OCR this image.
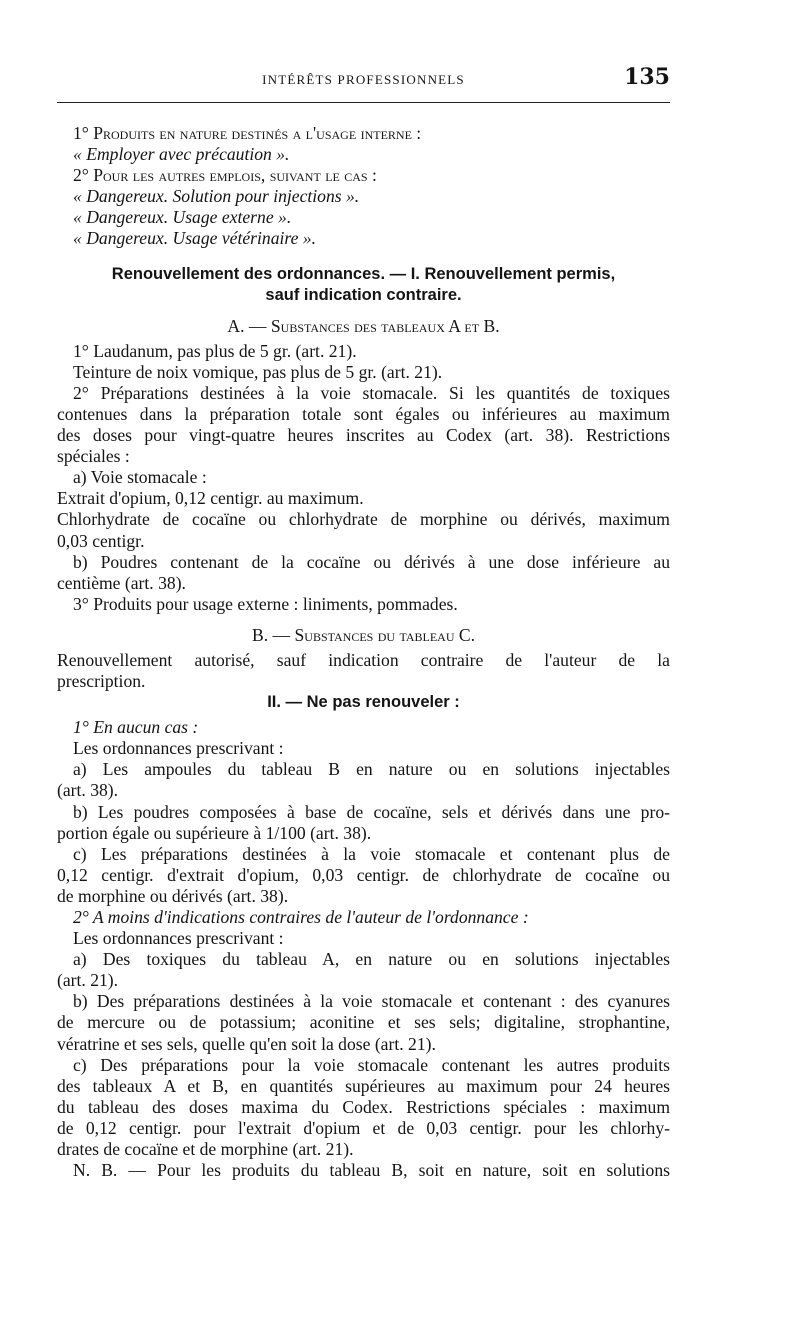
INTÉRÊTS PROFESSIONNELS	135
1° Produits en nature destinés a l'usage interne :
« Employer avec précaution ».
2° Pour les autres emplois, suivant le cas :
« Dangereux. Solution pour injections ».
« Dangereux. Usage externe ».
« Dangereux. Usage vétérinaire ».
Renouvellement des ordonnances. — I. Renouvellement permis,
sauf indication contraire.
A. — Substances des tableaux A et B.
1° Laudanum, pas plus de 5 gr. (art. 21).
Teinture de noix vomique, pas plus de 5 gr. (art. 21).
2° Préparations destinées à la voie stomacale. Si les quantités de toxiques
contenues dans la préparation totale sont égales ou inférieures au maximum
des doses pour vingt-quatre heures inscrites au Codex (art. 38). Restrictions
spéciales :
a) Voie stomacale :
Extrait d'opium, 0,12 centigr. au maximum.
Chlorhydrate de cocaïne ou chlorhydrate de morphine ou dérivés, maximum
0,03 centigr.
b) Poudres contenant de la cocaïne ou dérivés à une dose inférieure au
centième (art. 38).
3° Produits pour usage externe : liniments, pommades.
B. — Substances du tableau C.
Renouvellement autorisé, sauf indication contraire de l'auteur de la
prescription.
II. — Ne pas renouveler :
1° En aucun cas :
Les ordonnances prescrivant :
a) Les ampoules du tableau B en nature ou en solutions injectables
(art. 38).
b) Les poudres composées à base de cocaïne, sels et dérivés dans une pro-
portion égale ou supérieure à 1/100 (art. 38).
c) Les préparations destinées à la voie stomacale et contenant plus de
0,12 centigr. d'extrait d'opium, 0,03 centigr. de chlorhydrate de cocaïne ou
de morphine ou dérivés (art. 38).
2° A moins d'indications contraires de l'auteur de l'ordonnance :
Les ordonnances prescrivant :
a) Des toxiques du tableau A, en nature ou en solutions injectables
(art. 21).
b) Des préparations destinées à la voie stomacale et contenant : des cyanures
de mercure ou de potassium; aconitine et ses sels; digitaline, strophantine,
vératrine et ses sels, quelle qu'en soit la dose (art. 21).
c) Des préparations pour la voie stomacale contenant les autres produits
des tableaux A et B, en quantités supérieures au maximum pour 24 heures
du tableau des doses maxima du Codex. Restrictions spéciales : maximum
de 0,12 centigr. pour l'extrait d'opium et de 0,03 centigr. pour les chlorhy-
drates de cocaïne et de morphine (art. 21).
N. B. — Pour les produits du tableau B, soit en nature, soit en solutions
